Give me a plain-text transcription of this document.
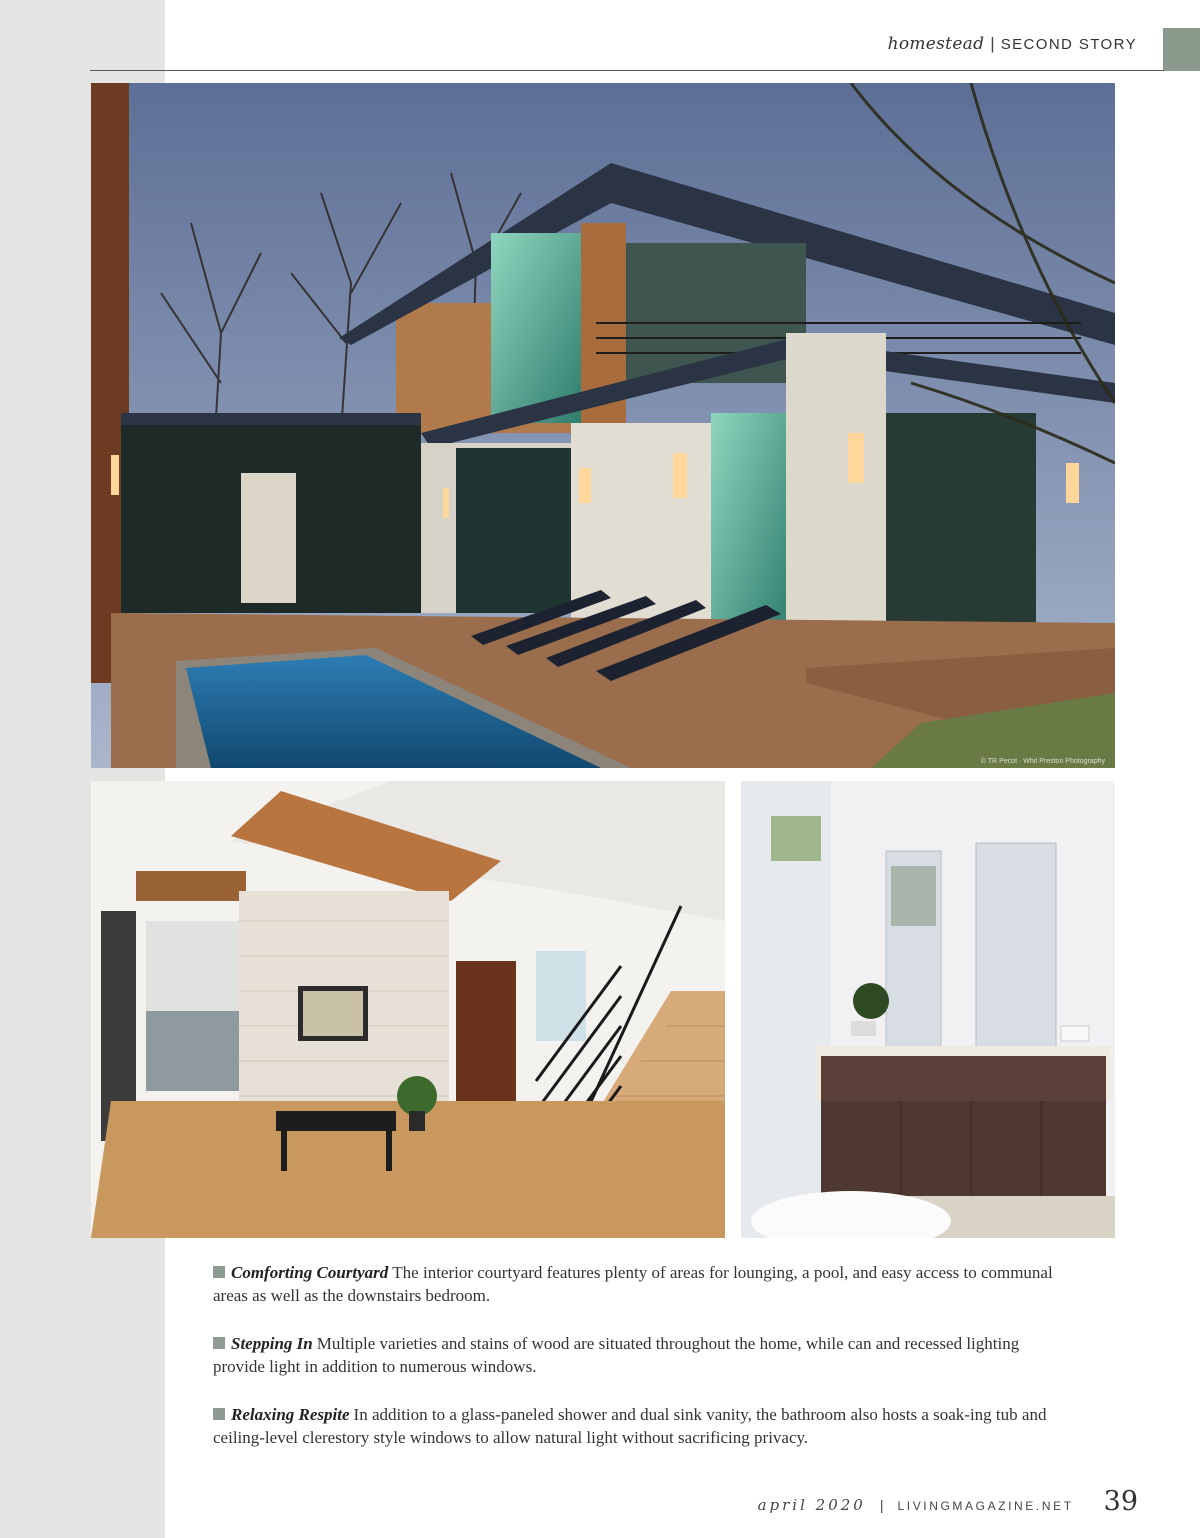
homestead | SECOND STORY
© TR Pecot · Whit Preston Photography

Comforting Courtyard The interior courtyard features plenty of areas for lounging, a pool, and easy access to communal areas as well as the downstairs bedroom.

Stepping In Multiple varieties and stains of wood are situated throughout the home, while can and recessed lighting provide light in addition to numerous windows.

Relaxing Respite In addition to a glass-paneled shower and dual sink vanity, the bathroom also hosts a soak-ing tub and ceiling-level clerestory style windows to allow natural light without sacrificing privacy.

april 2020 | LIVINGMAGAZINE.NET 39
